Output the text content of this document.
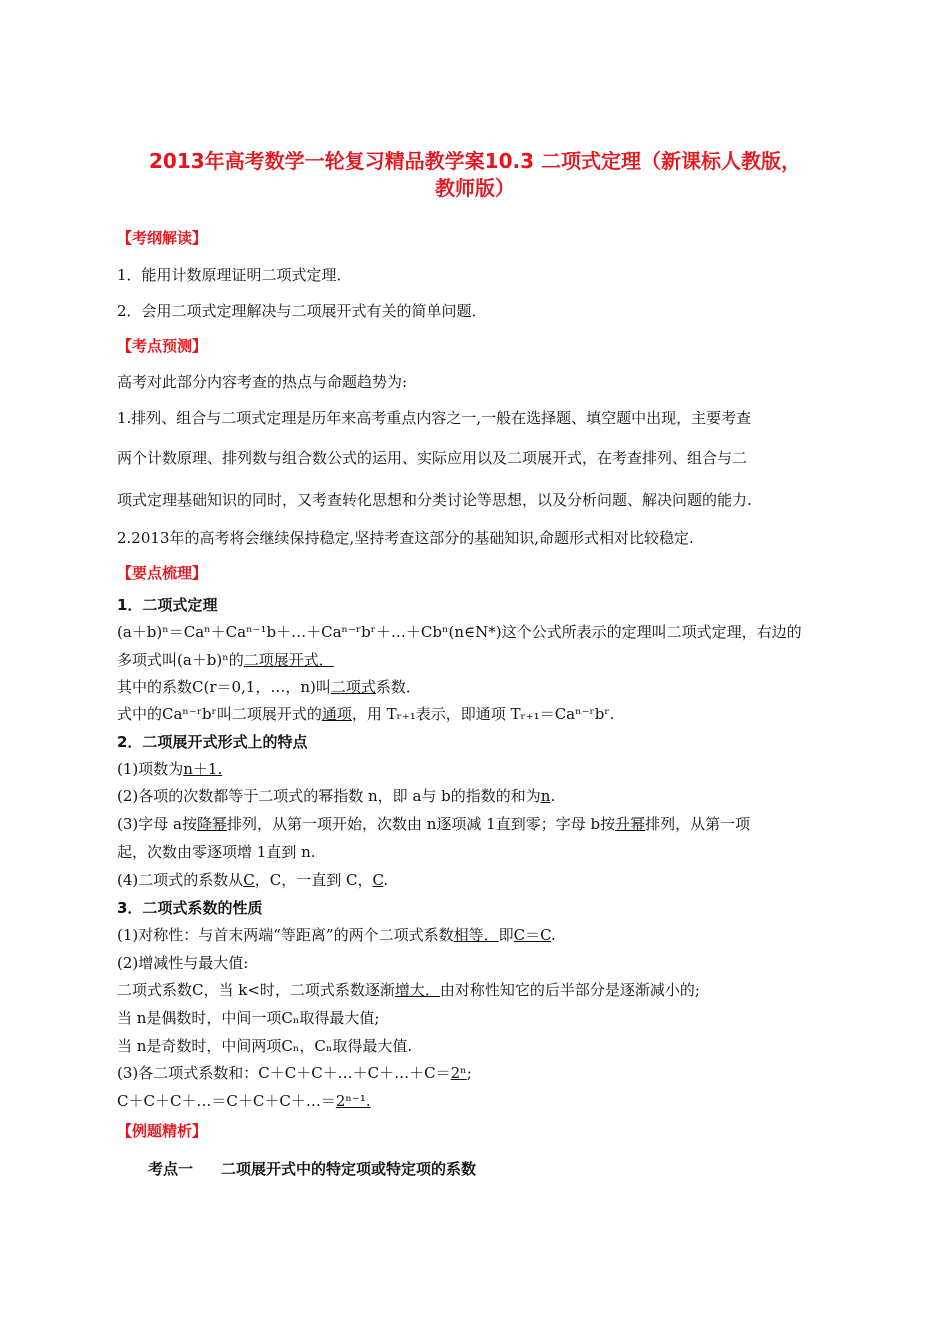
2013年高考数学一轮复习精品教学案10.3 二项式定理（新课标人教版，
教师版）
【考纲解读】
1．能用计数原理证明二项式定理．
2．会用二项式定理解决与二项展开式有关的简单问题．
【考点预测】
高考对此部分内容考查的热点与命题趋势为:
1.排列、组合与二项式定理是历年来高考重点内容之一,一般在选择题、填空题中出现，主要考查
两个计数原理、排列数与组合数公式的运用、实际应用以及二项展开式，在考查排列、组合与二
项式定理基础知识的同时，又考查转化思想和分类讨论等思想，以及分析问题、解决问题的能力.
2.2013年的高考将会继续保持稳定,坚持考查这部分的基础知识,命题形式相对比较稳定.
【要点梳理】
1．二项式定理
(a＋b)ⁿ＝Caⁿ＋Caⁿ⁻¹b＋…＋Caⁿ⁻ʳbʳ＋…＋Cbⁿ(n∈N*)这个公式所表示的定理叫二项式定理，右边的
多项式叫(a＋b)ⁿ的二项展开式．
其中的系数C(r＝0,1，…，n)叫二项式系数．
式中的Caⁿ⁻ʳbʳ叫二项展开式的通项，用 Tᵣ₊₁表示，即通项 Tᵣ₊₁＝Caⁿ⁻ʳbʳ.
2．二项展开式形式上的特点
(1)项数为n＋1.
(2)各项的次数都等于二项式的幂指数 n，即 a与 b的指数的和为n.
(3)字母 a按降幂排列，从第一项开始，次数由 n逐项减 1直到零；字母 b按升幂排列，从第一项
起，次数由零逐项增 1直到 n.
(4)二项式的系数从C，C，一直到 C，C.
3．二项式系数的性质
(1)对称性：与首末两端“等距离”的两个二项式系数相等．即C＝C.
(2)增减性与最大值:
二项式系数C，当 k<时，二项式系数逐渐增大．由对称性知它的后半部分是逐渐减小的;
当 n是偶数时，中间一项Cₙ取得最大值;
当 n是奇数时，中间两项Cₙ，Cₙ取得最大值.
(3)各二项式系数和：C＋C＋C＋…＋C＋…＋C＝2ⁿ;
C＋C＋C＋…＝C＋C＋C＋…＝2ⁿ⁻¹.
【例题精析】
考点一 二项展开式中的特定项或特定项的系数
